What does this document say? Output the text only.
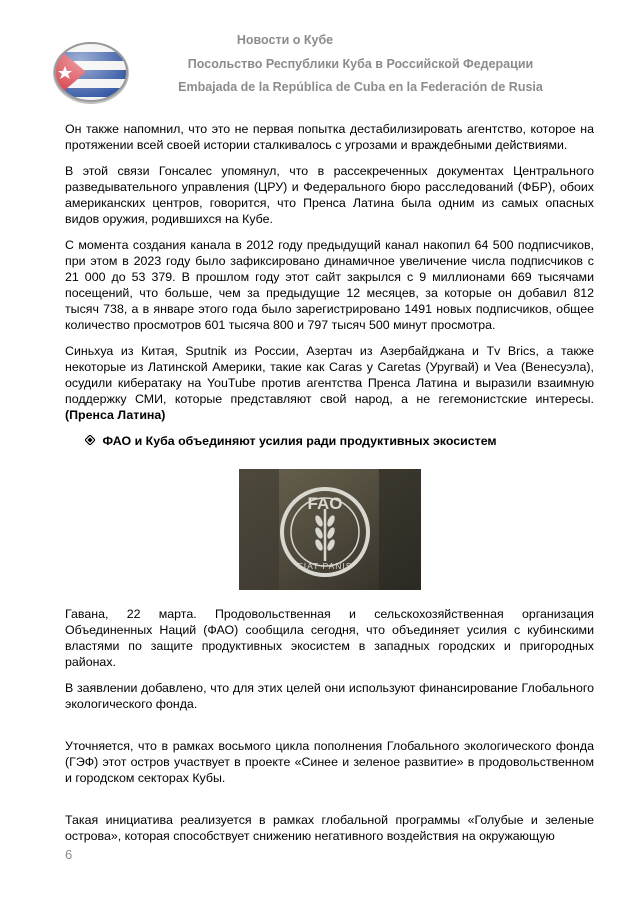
Новости о Кубе
Посольство Республики Куба в Российской Федерации
Embajada de la República de Cuba en la Federación de Rusia

Он также напомнил, что это не первая попытка дестабилизировать агентство, которое на протяжении всей своей истории сталкивалось с угрозами и враждебными действиями.

В этой связи Гонсалес упомянул, что в рассекреченных документах Центрального разведывательного управления (ЦРУ) и Федерального бюро расследований (ФБР), обоих американских центров, говорится, что Пренса Латина была одним из самых опасных видов оружия, родившихся на Кубе.

С момента создания канала в 2012 году предыдущий канал накопил 64 500 подписчиков, при этом в 2023 году было зафиксировано динамичное увеличение числа подписчиков с 21 000 до 53 379. В прошлом году этот сайт закрылся с 9 миллионами 669 тысячами посещений, что больше, чем за предыдущие 12 месяцев, за которые он добавил 812 тысяч 738, а в январе этого года было зарегистрировано 1491 новых подписчиков, общее количество просмотров 601 тысяча 800 и 797 тысяч 500 минут просмотра.

Синьхуа из Китая, Sputnik из России, Азертач из Азербайджана и Tv Brics, а также некоторые из Латинской Америки, такие как Caras y Caretas (Уругвай) и Vea (Венесуэла), осудили кибератаку на YouTube против агентства Пренса Латина и выразили взаимную поддержку СМИ, которые представляют свой народ, а не гегемонистские интересы. (Пренса Латина)

ФАО и Куба объединяют усилия ради продуктивных экосистем
FAO
FIAT PANIS

Гавана, 22 марта. Продовольственная и сельскохозяйственная организация Объединенных Наций (ФАО) сообщила сегодня, что объединяет усилия с кубинскими властями по защите продуктивных экосистем в западных городских и пригородных районах.

В заявлении добавлено, что для этих целей они используют финансирование Глобального экологического фонда.

Уточняется, что в рамках восьмого цикла пополнения Глобального экологического фонда (ГЭФ) этот остров участвует в проекте «Синее и зеленое развитие» в продовольственном и городском секторах Кубы.

Такая инициатива реализуется в рамках глобальной программы «Голубые и зеленые острова», которая способствует снижению негативного воздействия на окружающую

6
